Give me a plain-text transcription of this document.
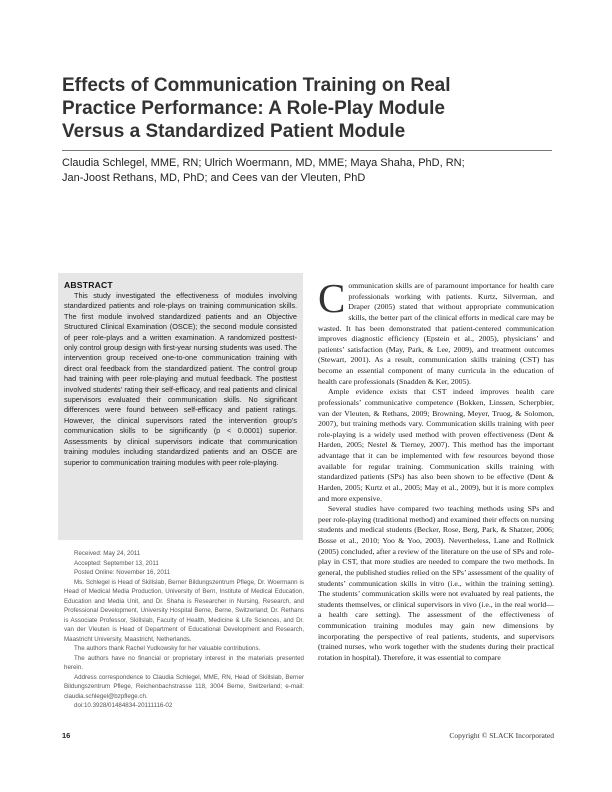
Effects of Communication Training on Real
Practice Performance: A Role-Play Module
Versus a Standardized Patient Module
Claudia Schlegel, MME, RN; Ulrich Woermann, MD, MME; Maya Shaha, PhD, RN;
Jan-Joost Rethans, MD, PhD; and Cees van der Vleuten, PhD
ABSTRACT

This study investigated the effectiveness of modules involving standardized patients and role-plays on training communication skills. The first module involved standardized patients and an Objective Structured Clinical Examination (OSCE); the second module consisted of peer role-plays and a written examination. A randomized posttest-only control group design with first-year nursing students was used. The intervention group received one-to-one communication training with direct oral feedback from the standardized patient. The control group had training with peer role-playing and mutual feedback. The posttest involved students’ rating their self-efficacy, and real patients and clinical supervisors evaluated their communication skills. No significant differences were found between self-efficacy and patient ratings. However, the clinical supervisors rated the intervention group’s communication skills to be significantly (p < 0.0001) superior. Assessments by clinical supervisors indicate that communication training modules including standardized patients and an OSCE are superior to communication training modules with peer role-playing.

Received: May 24, 2011

Accepted: September 13, 2011

Posted Online: November 16, 2011

Ms. Schlegel is Head of Skillslab, Berner Bildungszentrum Pflege, Dr. Woermann is Head of Medical Media Production, University of Bern, Institute of Medical Education, Education and Media Unit, and Dr. Shaha is Researcher in Nursing, Research, and Professional Development, University Hospital Berne, Berne, Switzerland; Dr. Rethans is Associate Professor, Skillslab, Faculty of Health, Medicine & Life Sciences, and Dr. van der Vleuten is Head of Department of Educational Development and Research, Maastricht University, Maastricht, Netherlands.

The authors thank Rachel Yudkowsky for her valuable contributions.

The authors have no financial or proprietary interest in the materials presented herein.

Address correspondence to Claudia Schlegel, MME, RN, Head of Skillslab, Berner Bildungszentrum Pflege, Reichenbachstrasse 118, 3004 Berne, Switzerland; e-mail: claudia.schlegel@bzpflege.ch.

doi:10.3928/01484834-20111116-02

Communication skills are of paramount importance for health care professionals working with patients. Kurtz, Silverman, and Draper (2005) stated that without appropriate communication skills, the better part of the clinical efforts in medical care may be wasted. It has been demonstrated that patient-centered communication improves diagnostic efficiency (Epstein et al., 2005), physicians’ and patients’ satisfaction (May, Park, & Lee, 2009), and treatment outcomes (Stewart, 2001). As a result, communication skills training (CST) has become an essential component of many curricula in the education of health care professionals (Snadden & Ker, 2005).

Ample evidence exists that CST indeed improves health care professionals’ communicative competence (Bokken, Linssen, Scherpbier, van der Vleuten, & Rethans, 2009; Browning, Meyer, Truog, & Solomon, 2007), but training methods vary. Communication skills training with peer role-playing is a widely used method with proven effectiveness (Dent & Harden, 2005; Nestel & Tierney, 2007). This method has the important advantage that it can be implemented with few resources beyond those available for regular training. Communication skills training with standardized patients (SPs) has also been shown to be effective (Dent & Harden, 2005; Kurtz et al., 2005; May et al., 2009), but it is more complex and more expensive.

Several studies have compared two teaching methods using SPs and peer role-playing (traditional method) and examined their effects on nursing students and medical students (Becker, Rose, Berg, Park, & Shatzer, 2006; Bosse et al., 2010; Yoo & Yoo, 2003). Nevertheless, Lane and Rollnick (2005) concluded, after a review of the literature on the use of SPs and role-play in CST, that more studies are needed to compare the two methods. In general, the published studies relied on the SPs’ assessment of the quality of students’ communication skills in vitro (i.e., within the training setting). The students’ communication skills were not evaluated by real patients, the students themselves, or clinical supervisors in vivo (i.e., in the real world—a health care setting). The assessment of the effectiveness of communication training modules may gain new dimensions by incorporating the perspective of real patients, students, and supervisors (trained nurses, who work together with the students during their practical rotation in hospital). Therefore, it was essential to compare

16	Copyright © SLACK Incorporated
